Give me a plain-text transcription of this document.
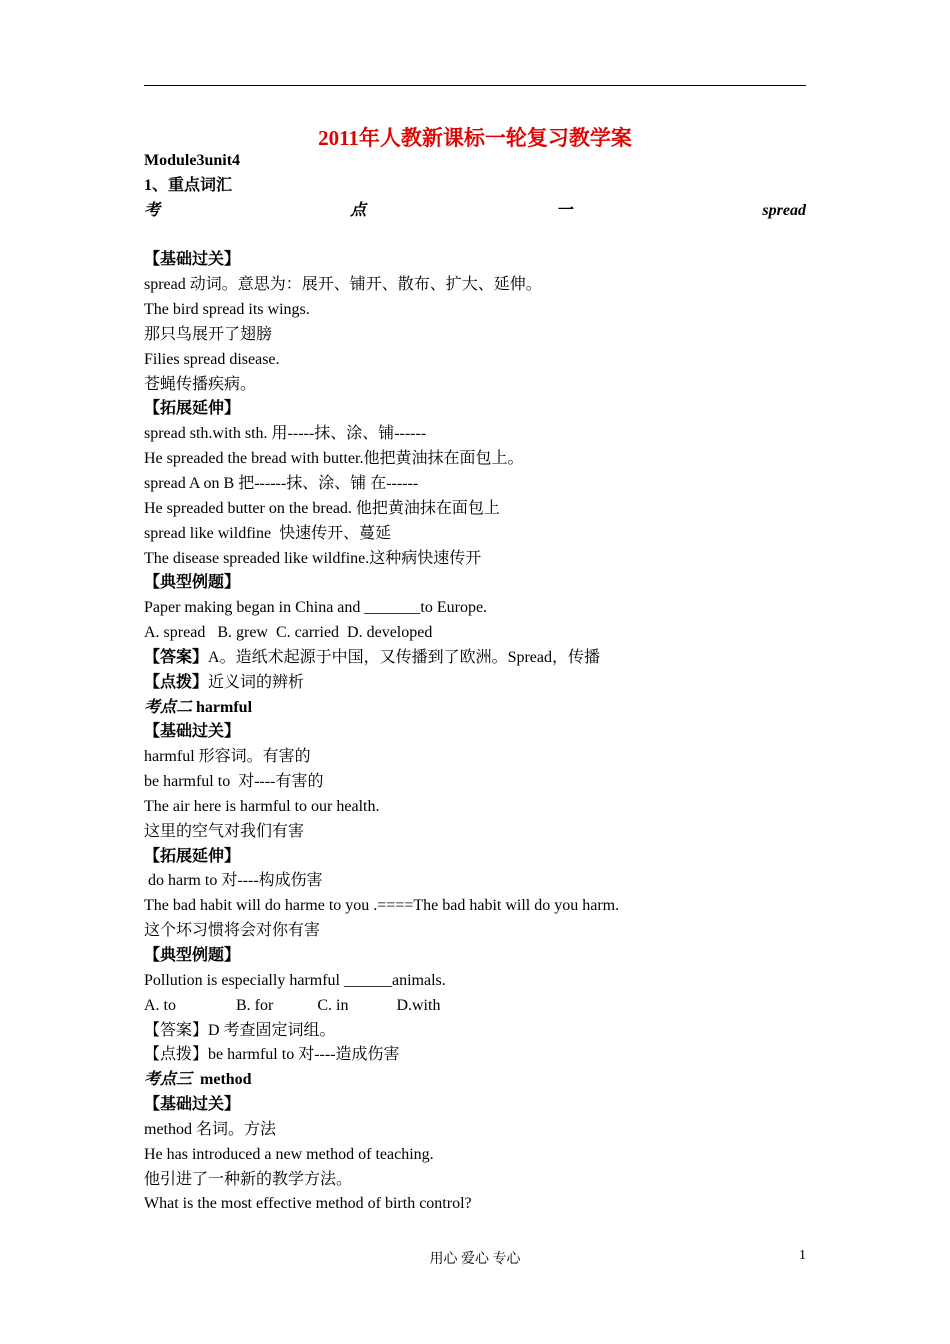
2011年人教新课标一轮复习教学案
Module3unit4
1、重点词汇
考	点	一	spread
【基础过关】
spread 动词。意思为：展开、铺开、散布、扩大、延伸。
The bird spread its wings.
那只鸟展开了翅膀
Filies spread disease.
苍蝇传播疾病。
【拓展延伸】
spread sth.with sth. 用-----抹、涂、铺------
He spreaded the bread with butter.他把黄油抹在面包上。
spread A on B 把------抹、涂、铺 在------
He spreaded butter on the bread. 他把黄油抹在面包上
spread like wildfine  快速传开、蔓延
The disease spreaded like wildfine.这种病快速传开
【典型例题】
Paper making began in China and _______to Europe.
A. spread   B. grew  C. carried  D. developed
【答案】A。造纸术起源于中国，又传播到了欧洲。Spread，传播
【点拨】近义词的辨析
考点二 harmful
【基础过关】
harmful 形容词。有害的
be harmful to  对----有害的
The air here is harmful to our health.
这里的空气对我们有害
【拓展延伸】
do harm to 对----构成伤害
The bad habit will do harme to you .====The bad habit will do you harm.
这个坏习惯将会对你有害
【典型例题】
Pollution is especially harmful ______animals.
A. to               B. for           C. in            D.with
【答案】D 考查固定词组。
【点拨】be harmful to 对----造成伤害
考点三  method
【基础过关】
method 名词。方法
He has introduced a new method of teaching.
他引进了一种新的教学方法。
What is the most effective method of birth control?
用心 爱心 专心	1
